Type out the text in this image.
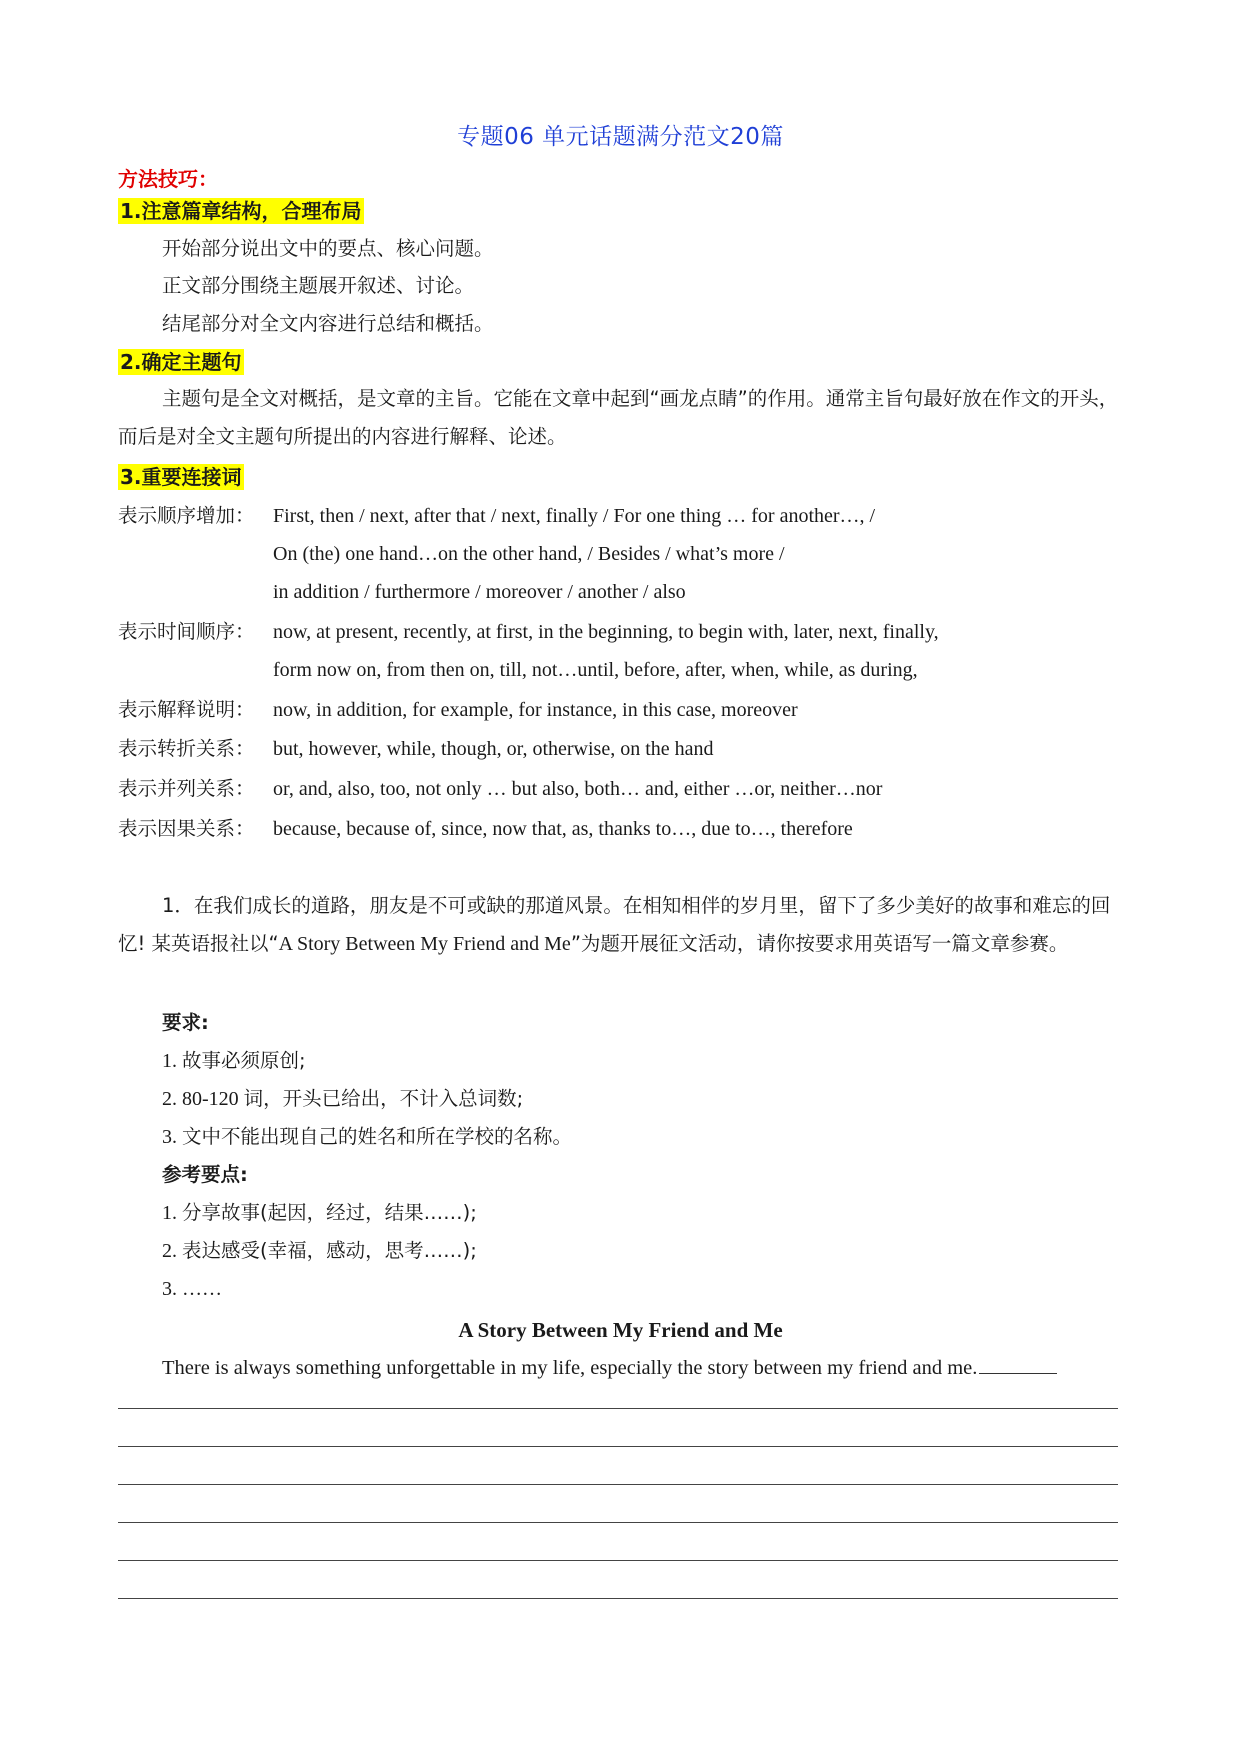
专题06 单元话题满分范文20篇
方法技巧：
1.注意篇章结构，合理布局
开始部分说出文中的要点、核心问题。
正文部分围绕主题展开叙述、讨论。
结尾部分对全文内容进行总结和概括。
2.确定主题句
主题句是全文对概括，是文章的主旨。它能在文章中起到“画龙点睛”的作用。通常主旨句最好放在作文的开头，而后是对全文主题句所提出的内容进行解释、论述。
3.重要连接词
表示顺序增加： First, then / next, after that / next, finally / For one thing … for another…, /
On (the) one hand…on the other hand, / Besides / what’s more /
in addition / furthermore / moreover / another / also
表示时间顺序： now, at present, recently, at first, in the beginning, to begin with, later, next, finally,
form now on, from then on, till, not…until, before, after, when, while, as during,
表示解释说明： now, in addition, for example, for instance, in this case, moreover
表示转折关系： but, however, while, though, or, otherwise, on the hand
表示并列关系： or, and, also, too, not only … but also, both… and, either …or, neither…nor
表示因果关系： because, because of, since, now that, as, thanks to…, due to…, therefore
1．在我们成长的道路，朋友是不可或缺的那道风景。在相知相伴的岁月里，留下了多少美好的故事和难忘的回忆! 某英语报社以“A Story Between My Friend and Me”为题开展征文活动，请你按要求用英语写一篇文章参赛。
要求:
1. 故事必须原创;
2. 80-120 词，开头已给出，不计入总词数;
3. 文中不能出现自己的姓名和所在学校的名称。
参考要点:
1. 分享故事(起因，经过，结果……);
2. 表达感受(幸福，感动，思考……);
3. ……
A Story Between My Friend and Me
There is always something unforgettable in my life, especially the story between my friend and me.
